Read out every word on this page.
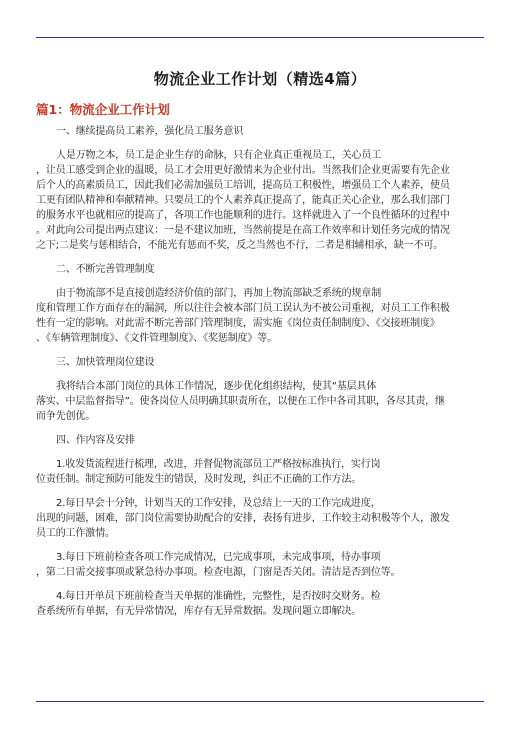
物流企业工作计划（精选4篇）
篇1：物流企业工作计划
一、继续提高员工素养，强化员工服务意识
人是万物之本，员工是企业生存的命脉，只有企业真正重视员工，关心员工
，让员工感受到企业的温暖，员工才会用更好激情来为企业付出。当然我们企业更需要有先企业
后个人的高素质员工，因此我们必需加强员工培训，提高员工积极性，增强员工个人素养，使员
工更有团队精神和奉献精神。只要员工的个人素养真正提高了，能真正关心企业，那么我们部门
的服务水平也就相应的提高了，各项工作也能顺利的进行。这样就进入了一个良性循环的过程中
。对此向公司提出两点建议：一是不建议加班，当然前提是在高工作效率和计划任务完成的情况
之下;二是奖与惩相结合，不能光有惩而不奖，反之当然也不行，二者是相辅相承，缺一不可。
二、不断完善管理制度
由于物流部不是直接创造经济价值的部门，再加上物流部缺乏系统的规章制
度和管理工作方面存在的漏洞，所以往往会被本部门员工误认为不被公司重视，对员工工作积极
性有一定的影响。对此需不断完善部门管理制度，需实施《岗位责任制制度》、《交接班制度》
、《车辆管理制度》、《文件管理制度》、《奖惩制度》等。
三、加快管理岗位建设
我将结合本部门岗位的具体工作情况，逐步优化组织结构，使其“基层具体
落实、中层监督指导”。使各岗位人员明确其职责所在，以便在工作中各司其职，各尽其责，继
而争先创优。
四、作内容及安排
1.收发货流程进行梳理，改进，并督促物流部员工严格按标准执行，实行岗
位责任制。制定预防可能发生的错误，及时发现，纠正不正确的工作方法。
2.每日早会十分钟，计划当天的工作安排，及总结上一天的工作完成进度，
出现的问题，困难，部门岗位需要协助配合的安排，表扬有进步，工作较主动积极等个人，激发
员工的工作激情。
3.每日下班前检查各项工作完成情况，已完成事项，未完成事项，待办事项
，第二日需交接事项或紧急待办事项。检查电源，门窗是否关闭。清洁是否到位等。
4.每日开单员下班前检查当天单据的准确性，完整性，是否按时交财务。检
查系统所有单据，有无异常情况，库存有无异常数据。发现问题立即解决。
